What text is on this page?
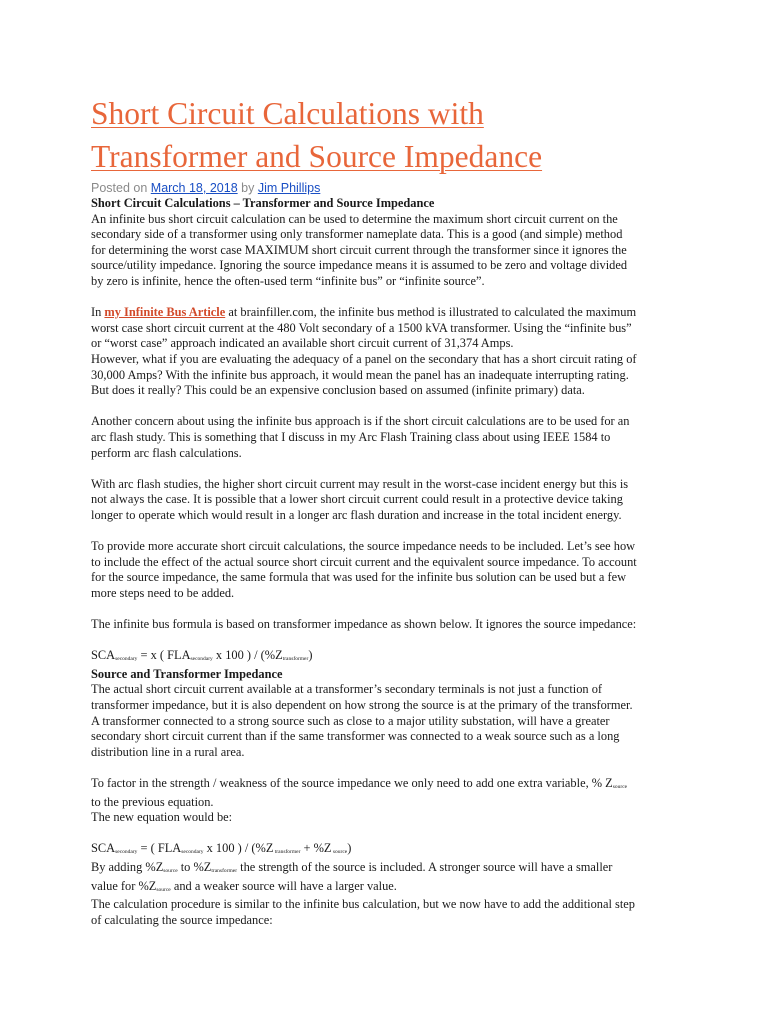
Short Circuit Calculations with
Transformer and Source Impedance
Posted on March 18, 2018 by Jim Phillips

Short Circuit Calculations – Transformer and Source Impedance

An infinite bus short circuit calculation can be used to determine the maximum short circuit current on the

secondary side of a transformer using only transformer nameplate data. This is a good (and simple) method

for determining the worst case MAXIMUM short circuit current through the transformer since it ignores the

source/utility impedance. Ignoring the source impedance means it is assumed to be zero and voltage divided

by zero is infinite, hence the often-used term “infinite bus” or “infinite source”.

In my Infinite Bus Article at brainfiller.com, the infinite bus method is illustrated to calculated the maximum

worst case short circuit current at the 480 Volt secondary of a 1500 kVA transformer. Using the “infinite bus”

or “worst case” approach indicated an available short circuit current of 31,374 Amps.

However, what if you are evaluating the adequacy of a panel on the secondary that has a short circuit rating of

30,000 Amps? With the infinite bus approach, it would mean the panel has an inadequate interrupting rating.

But does it really? This could be an expensive conclusion based on assumed (infinite primary) data.

Another concern about using the infinite bus approach is if the short circuit calculations are to be used for an

arc flash study. This is something that I discuss in my Arc Flash Training class about using IEEE 1584 to

perform arc flash calculations.

With arc flash studies, the higher short circuit current may result in the worst-case incident energy but this is

not always the case. It is possible that a lower short circuit current could result in a protective device taking

longer to operate which would result in a longer arc flash duration and increase in the total incident energy.

To provide more accurate short circuit calculations, the source impedance needs to be included. Let’s see how

to include the effect of the actual source short circuit current and the equivalent source impedance. To account

for the source impedance, the same formula that was used for the infinite bus solution can be used but a few

more steps need to be added.

The infinite bus formula is based on transformer impedance as shown below. It ignores the source impedance:

$SCA_{secondary} = x$ ( $FLA_{secondary}$ x 100 ) / $(\%Z_{transformer})$

Source and Transformer Impedance

The actual short circuit current available at a transformer’s secondary terminals is not just a function of

transformer impedance, but it is also dependent on how strong the source is at the primary of the transformer.

A transformer connected to a strong source such as close to a major utility substation, will have a greater

secondary short circuit current than if the same transformer was connected to a weak source such as a long

distribution line in a rural area.

To factor in the strength / weakness of the source impedance we only need to add one extra variable, % $Z_{source}$

to the previous equation.

The new equation would be:

$SCA_{secondary}$ = ( $FLA_{secondary}$ x 100 ) / (%Z $_{transformer}$ + %Z $_{source}$)

By adding $\%Z_{source}$ to $\%Z_{transformer}$ the strength of the source is included. A stronger source will have a smaller

value for $\%Z_{source}$ and a weaker source will have a larger value.

The calculation procedure is similar to the infinite bus calculation, but we now have to add the additional step

of calculating the source impedance:
